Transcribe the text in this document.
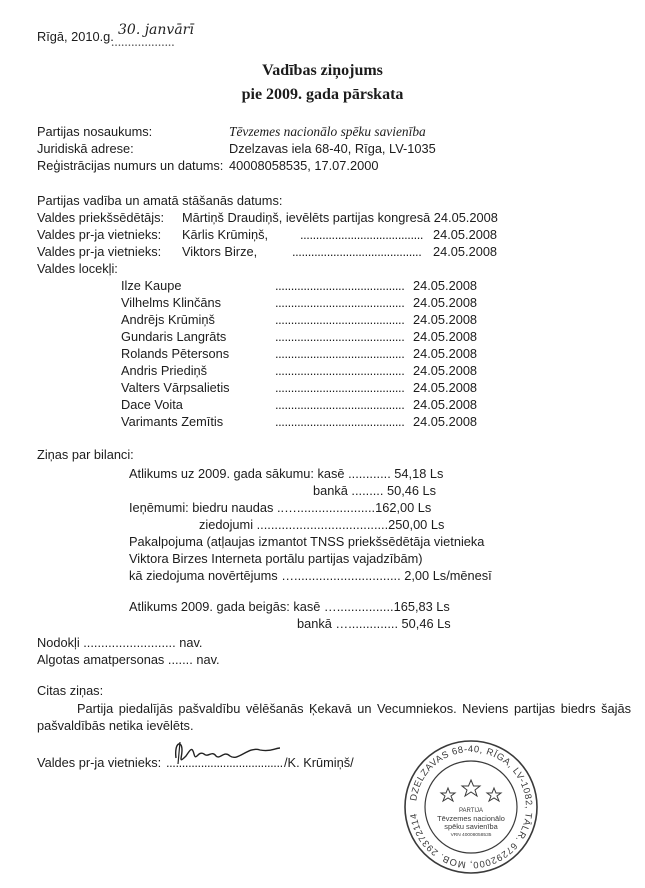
Rīgā, 2010.g.
...................
30. janvārī
Vadības ziņojums
pie 2009. gada pārskata
Partijas nosaukums:	Tēvzemes nacionālo spēku savienība
Juridiskā adrese:	Dzelzavas iela 68-40, Rīga, LV-1035
Reģistrācijas numurs un datums: 40008058535, 17.07.2000
Partijas vadība un amatā stāšanās datums:
Valdes priekšsēdētājs: Mārtiņš Draudiņš, ievēlēts partijas kongresā 24.05.2008
Valdes pr-ja vietnieks: Kārlis Krūmiņš, ....................................... 24.05.2008
Valdes pr-ja vietnieks: Viktors Birze,	......................................... 24.05.2008
Valdes locekļi:
Ilze Kaupe	......................................... 24.05.2008
Vilhelms Klinčāns	......................................... 24.05.2008
Andrējs Krūmiņš	......................................... 24.05.2008
Gundaris Langrāts	......................................... 24.05.2008
Rolands Pētersons	......................................... 24.05.2008
Andris Priediņš	......................................... 24.05.2008
Valters Vārpsalietis	......................................... 24.05.2008
Dace Voita	......................................... 24.05.2008
Varimants Zemītis	......................................... 24.05.2008
Ziņas par bilanci:
Atlikums uz 2009. gada sākumu: kasē ............ 54,18 Ls
bankā ......... 50,46 Ls
Ieņēmumi: biedru naudas ..…......................162,00 Ls
ziedojumi .....................................250,00 Ls
Pakalpojuma (atļaujas izmantot TNSS priekšsēdētāja vietnieka
Viktora Birzes Interneta portālu partijas vajadzībām)
kā ziedojuma novērtējums ….............................. 2,00 Ls/mēnesī
Atlikums 2009. gada beigās: kasē …................165,83 Ls
bankā ….............. 50,46 Ls
Nodokļi .......................... nav.
Algotas amatpersonas ....... nav.
Citas ziņas:
Partija piedalījās pašvaldību vēlēšanās Ķekavā un Vecumniekos. Neviens partijas biedrs šajās pašvaldībās netika ievēlēts.
Valdes pr-ja vietnieks: ..................................... /K. Krūmiņš/
DZELZAVAS 68-40, RĪGA, LV-1082, TĀLR. 67292000, MOB. 29372114
PARTIJA
Tēvzemes nacionālo
spēku savienība
VRN 40008058535
